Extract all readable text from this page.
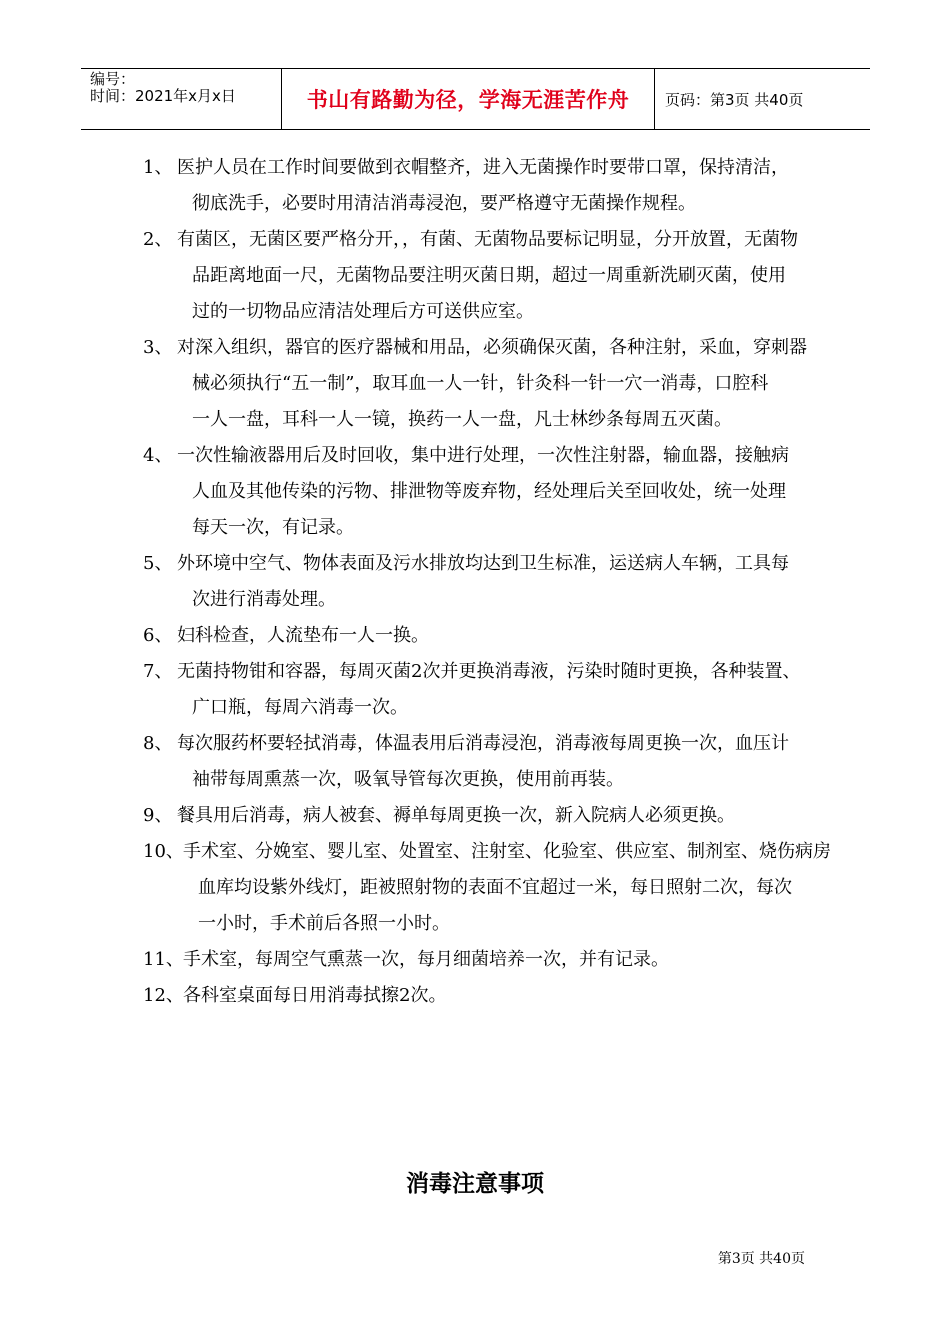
编号：
时间：2021年x月x日	书山有路勤为径，学海无涯苦作舟 页码：第3页 共40页
1、 医护人员在工作时间要做到衣帽整齐，进入无菌操作时要带口罩，保持清洁，
彻底洗手，必要时用清洁消毒浸泡，要严格遵守无菌操作规程。
2、 有菌区，无菌区要严格分开，，有菌、无菌物品要标记明显，分开放置，无菌物
品距离地面一尺，无菌物品要注明灭菌日期，超过一周重新洗刷灭菌，使用
过的一切物品应清洁处理后方可送供应室。
3、 对深入组织，器官的医疗器械和用品，必须确保灭菌，各种注射，采血，穿刺器
械必须执行“五一制”，取耳血一人一针，针灸科一针一穴一消毒，口腔科
一人一盘，耳科一人一镜，换药一人一盘，凡士林纱条每周五灭菌。
4、 一次性输液器用后及时回收，集中进行处理，一次性注射器，输血器，接触病
人血及其他传染的污物、排泄物等废弃物，经处理后关至回收处，统一处理
每天一次，有记录。
5、 外环境中空气、物体表面及污水排放均达到卫生标准，运送病人车辆，工具每
次进行消毒处理。
6、 妇科检查，人流垫布一人一换。
7、 无菌持物钳和容器，每周灭菌2次并更换消毒液，污染时随时更换，各种装置、
广口瓶，每周六消毒一次。
8、 每次服药杯要轻拭消毒，体温表用后消毒浸泡，消毒液每周更换一次，血压计
袖带每周熏蒸一次，吸氧导管每次更换，使用前再装。
9、 餐具用后消毒，病人被套、褥单每周更换一次，新入院病人必须更换。
10、 手术室、分娩室、婴儿室、处置室、注射室、化验室、供应室、制剂室、烧伤病房
血库均设紫外线灯，距被照射物的表面不宜超过一米，每日照射二次，每次
一小时，手术前后各照一小时。
11、 手术室，每周空气熏蒸一次，每月细菌培养一次，并有记录。
12、 各科室桌面每日用消毒拭擦2次。
消毒注意事项
第3页 共40页
